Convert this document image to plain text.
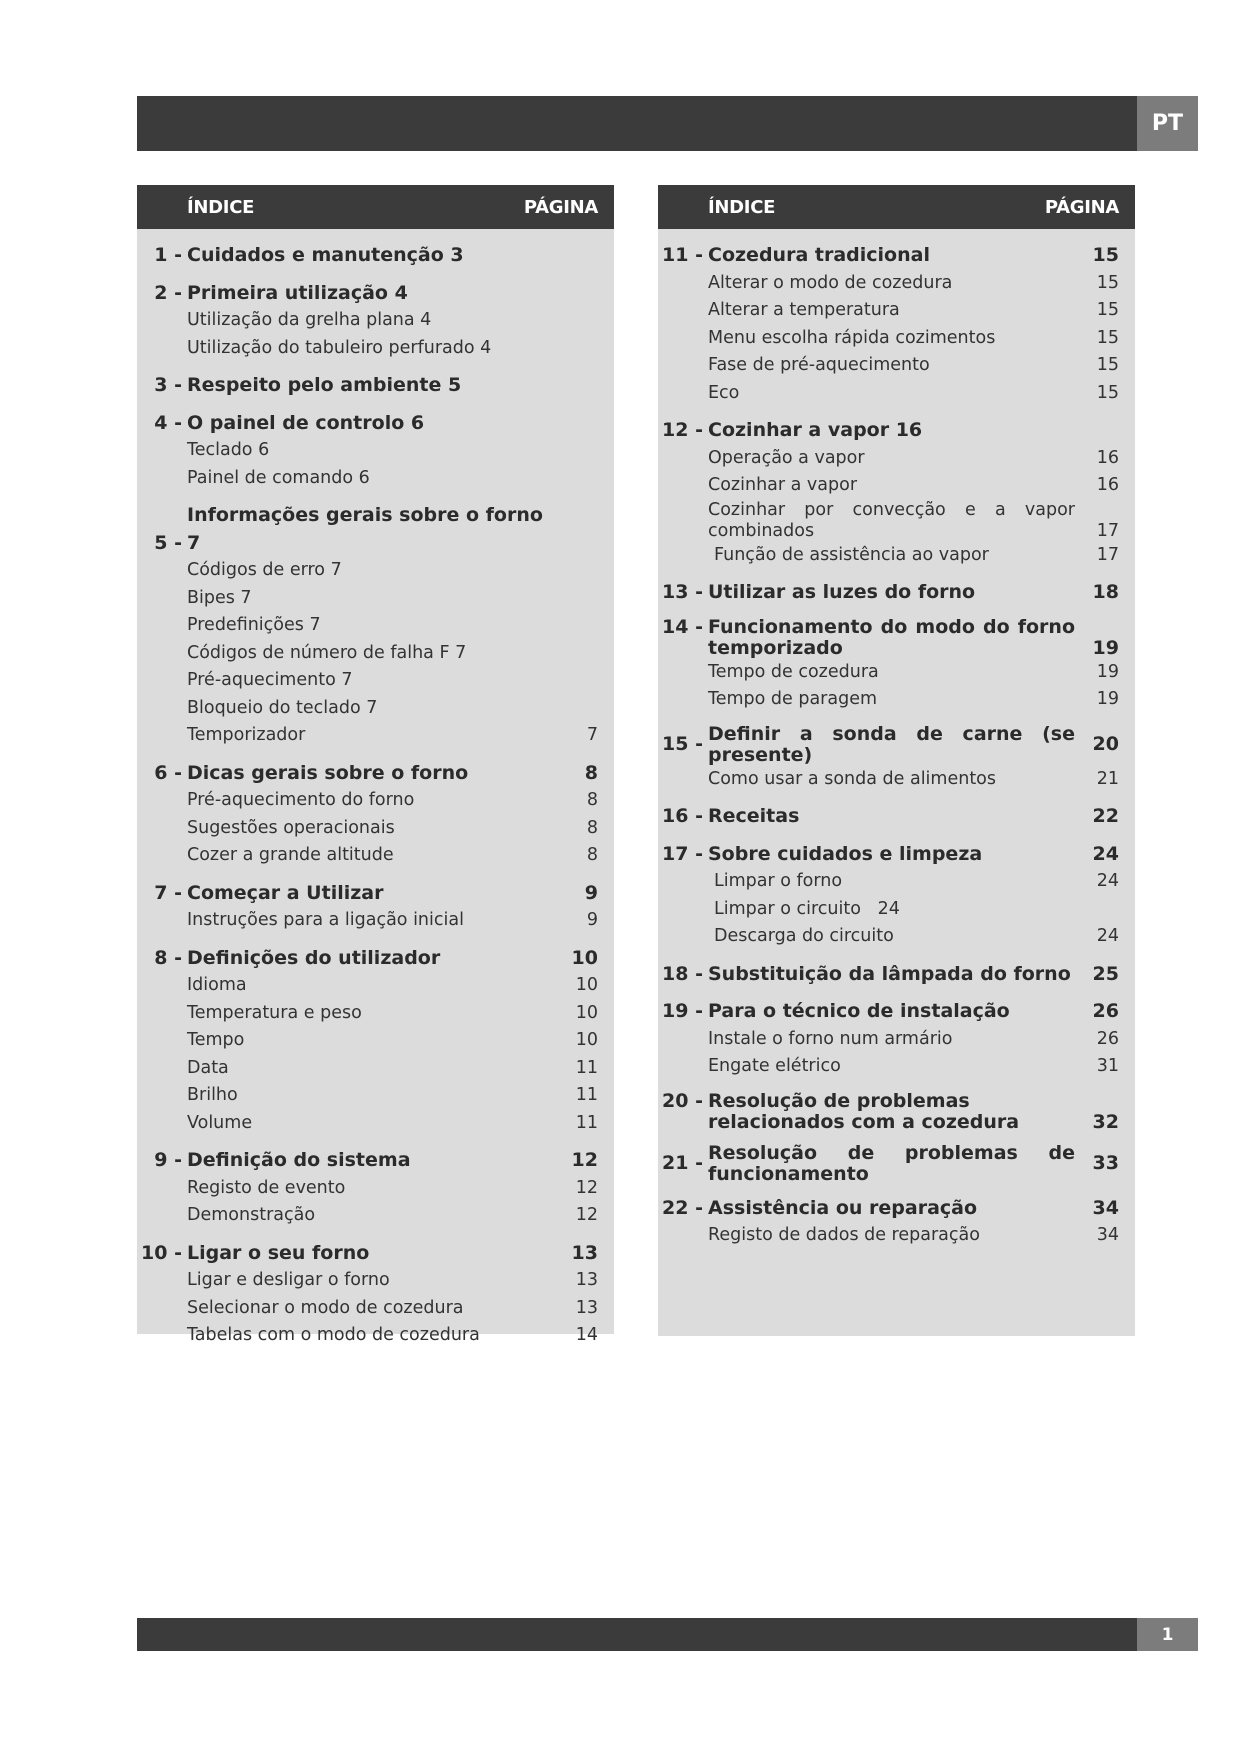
PT
ÍNDICE	PÁGINA
1 - Cuidados e manutenção 3
2 - Primeira utilização 4
Utilização da grelha plana 4
Utilização do tabuleiro perfurado 4
3 - Respeito pelo ambiente 5
4 - O painel de controlo 6
Teclado 6
Painel de comando 6
5 -
Informações gerais sobre o forno 7
Códigos de erro 7
Bipes 7
Predefinições 7
Códigos de número de falha F 7
Pré-aquecimento 7
Bloqueio do teclado 7
Temporizador	7
6 - Dicas gerais sobre o forno	8
Pré-aquecimento do forno	8
Sugestões operacionais	8
Cozer a grande altitude	8
7 - Começar a Utilizar	9
Instruções para a ligação inicial	9
8 - Definições do utilizador	10
Idioma	10
Temperatura e peso	10
Tempo	10
Data	11
Brilho	11
Volume	11
9 - Definição do sistema	12
Registo de evento	12
Demonstração	12
10 - Ligar o seu forno	13
Ligar e desligar o forno	13
Selecionar o modo de cozedura	13
Tabelas com o modo de cozedura	14
ÍNDICE	PÁGINA
11 - Cozedura tradicional	15
Alterar o modo de cozedura	15
Alterar a temperatura	15
Menu escolha rápida cozimentos	15
Fase de pré-aquecimento	15
Eco	15
12 - Cozinhar a vapor 16
Operação a vapor	16
Cozinhar a vapor	16
Cozinhar por convecção e a vapor combinados	17
Função de assistência ao vapor	17
13 - Utilizar as luzes do forno	18
14 - Funcionamento do modo do forno temporizado	19
Tempo de cozedura	19
Tempo de paragem	19
15 - Definir a sonda de carne (se presente)	20
Como usar a sonda de alimentos	21
16 - Receitas	22
17 - Sobre cuidados e limpeza	24
Limpar o forno	24
Limpar o circuito   24
Descarga do circuito	24
18 - Substituição da lâmpada do forno	25
19 - Para o técnico de instalação	26
Instale o forno num armário	26
Engate elétrico	31
20 - Resolução de problemas relacionados com a cozedura	32
21 - Resolução de problemas de funcionamento	33
22 - Assistência ou reparação	34
Registo de dados de reparação	34
1
